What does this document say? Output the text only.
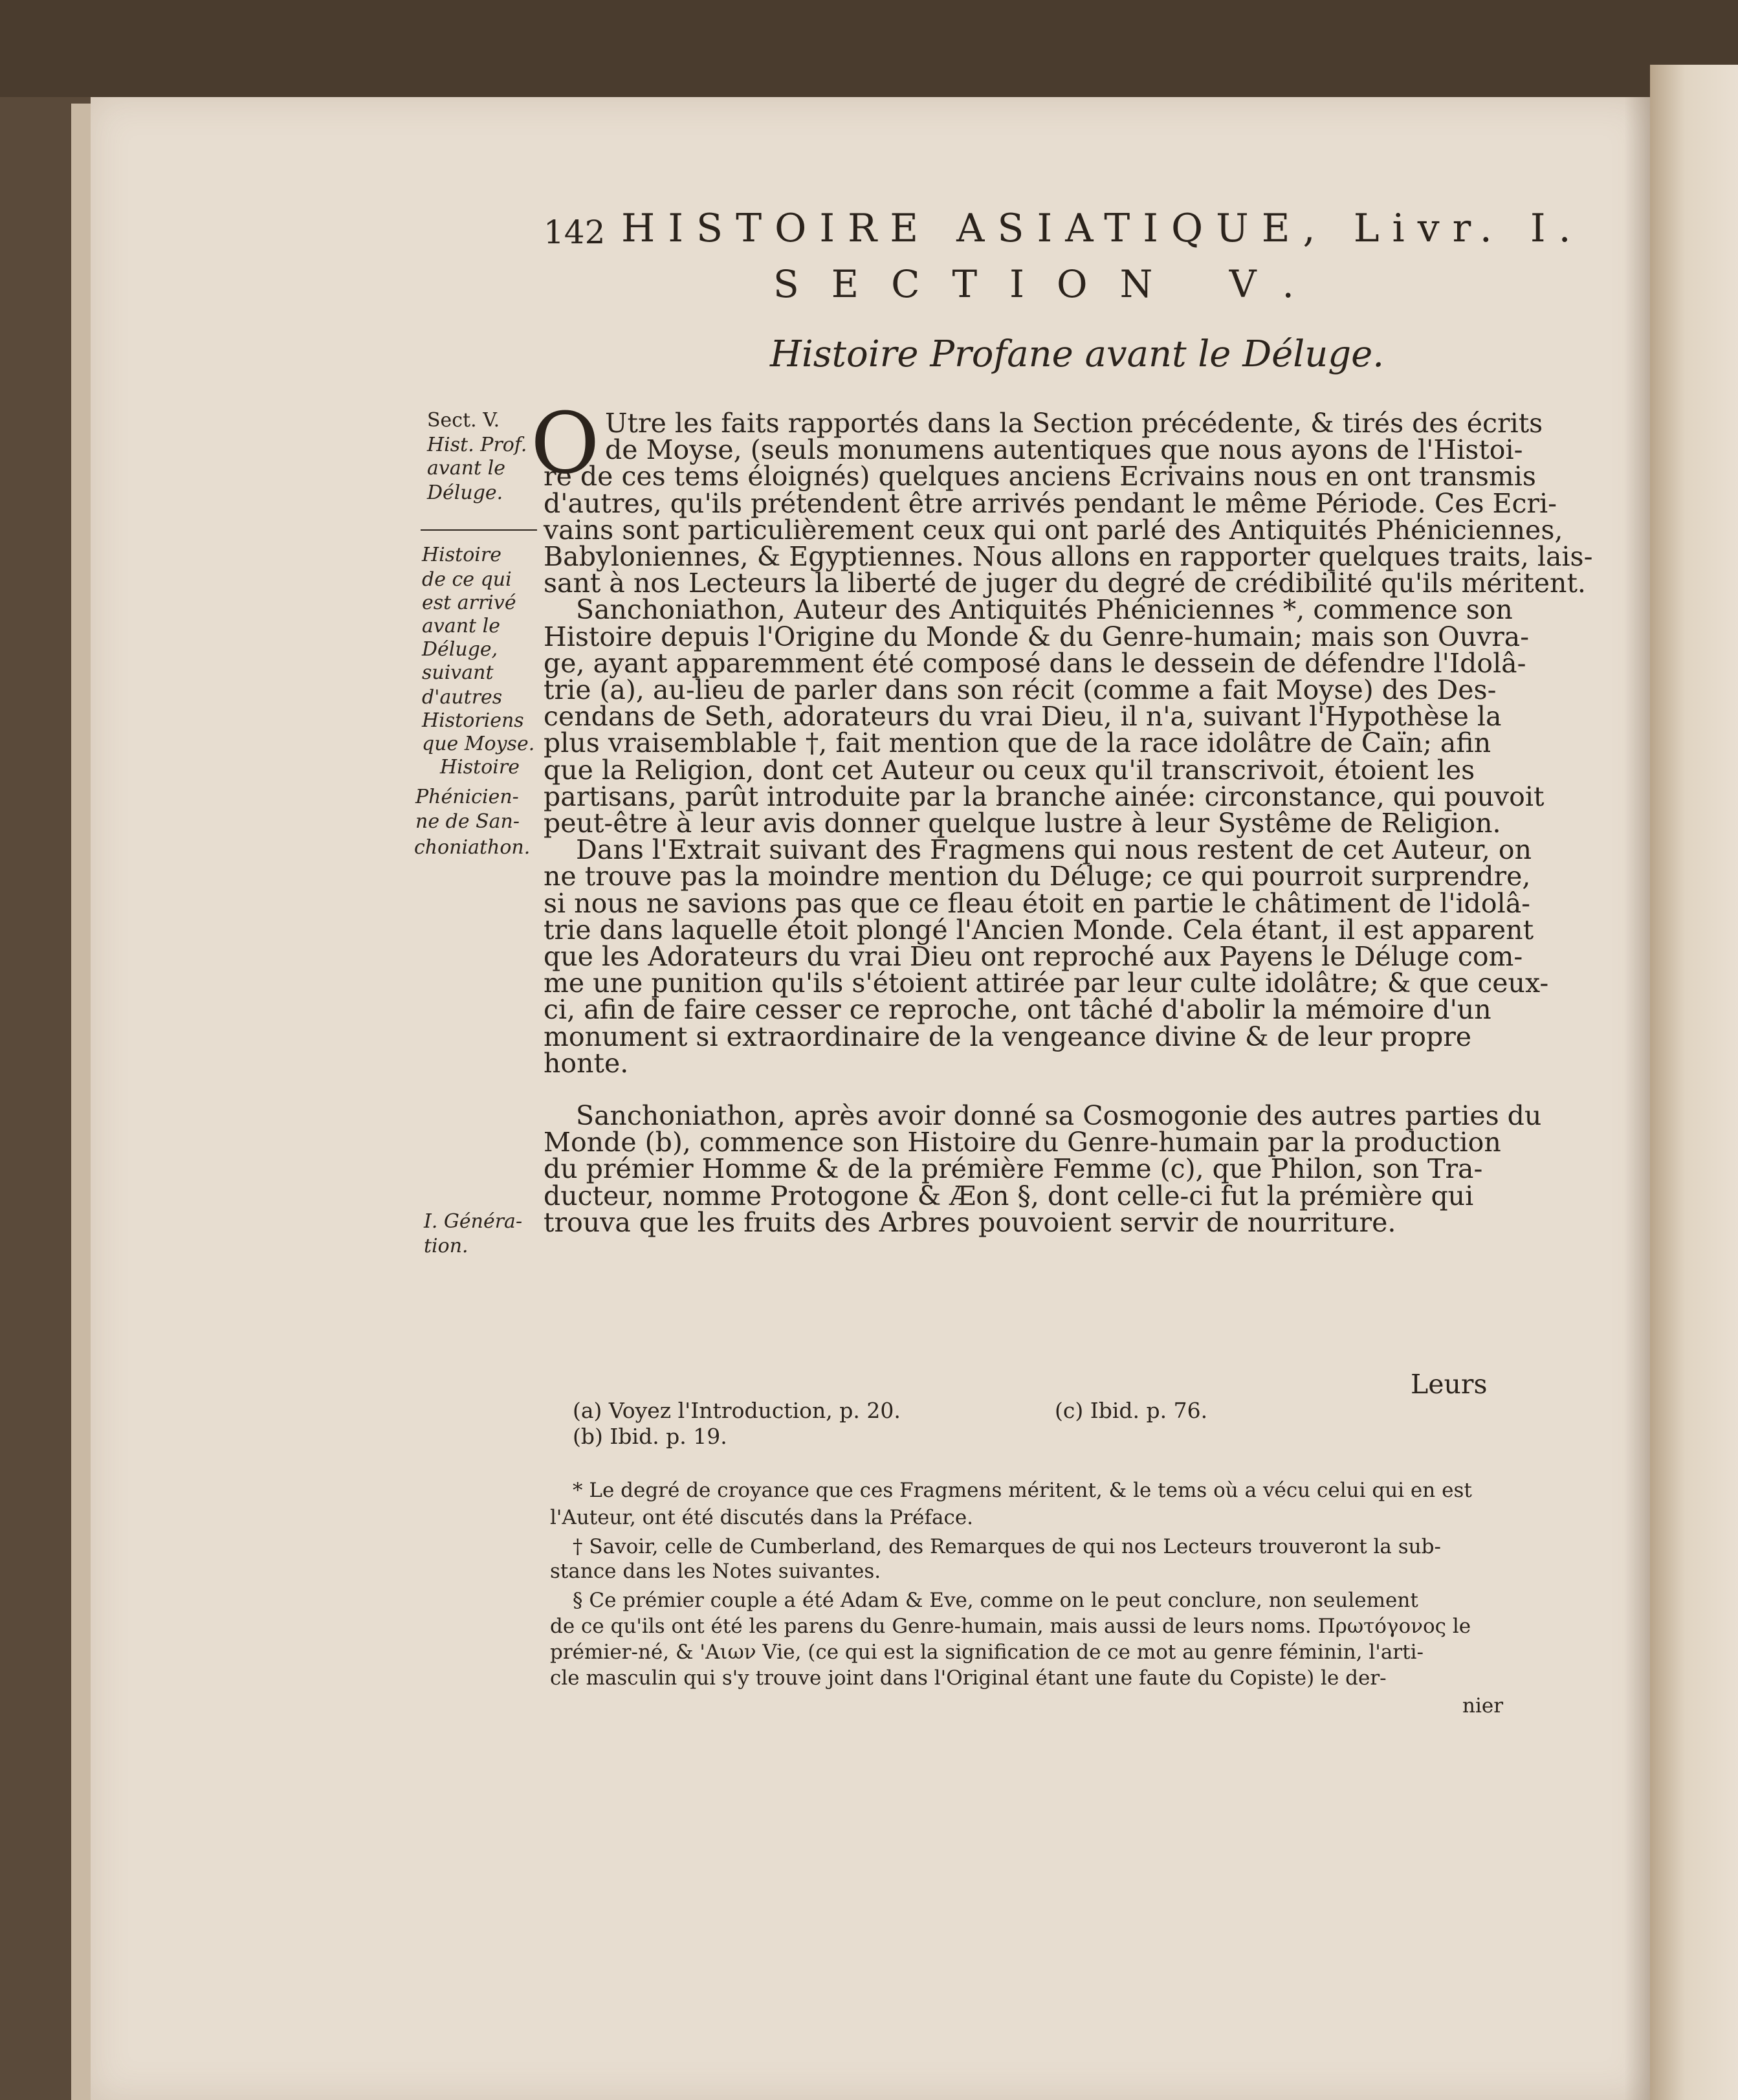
142 HISTOIRE ASIATIQUE, Livr. I.
SECTION V.
Histoire Profane avant le Déluge.
Sect. V.
Hist. Prof.
avant le
Déluge.
Histoire
de ce qui
est arrivé
avant le
Déluge,
suivant
d'autres
Historiens
que Moyse.
Histoire
Phénicien-
ne de San-
choniathon.
I. Généra-
tion.
O Utre les faits rapportés dans la Section précédente, & tirés des écrits
de Moyse, (seuls monumens autentiques que nous ayons de l'Histoi-
re de ces tems éloignés) quelques anciens Ecrivains nous en ont transmis
d'autres, qu'ils prétendent être arrivés pendant le même Période. Ces Ecri-
vains sont particulièrement ceux qui ont parlé des Antiquités Phéniciennes,
Babyloniennes, & Egyptiennes. Nous allons en rapporter quelques traits, lais-
sant à nos Lecteurs la liberté de juger du degré de crédibilité qu'ils méritent.
Sanchoniathon, Auteur des Antiquités Phéniciennes *, commence son
Histoire depuis l'Origine du Monde & du Genre-humain; mais son Ouvra-
ge, ayant apparemment été composé dans le dessein de défendre l'Idolâ-
trie (a), au-lieu de parler dans son récit (comme a fait Moyse) des Des-
cendans de Seth, adorateurs du vrai Dieu, il n'a, suivant l'Hypothèse la
plus vraisemblable †, fait mention que de la race idolâtre de Caïn; afin
que la Religion, dont cet Auteur ou ceux qu'il transcrivoit, étoient les
partisans, parût introduite par la branche ainée: circonstance, qui pouvoit
peut-être à leur avis donner quelque lustre à leur Systême de Religion.
Dans l'Extrait suivant des Fragmens qui nous restent de cet Auteur, on
ne trouve pas la moindre mention du Déluge; ce qui pourroit surprendre,
si nous ne savions pas que ce fleau étoit en partie le châtiment de l'idolâ-
trie dans laquelle étoit plongé l'Ancien Monde. Cela étant, il est apparent
que les Adorateurs du vrai Dieu ont reproché aux Payens le Déluge com-
me une punition qu'ils s'étoient attirée par leur culte idolâtre; & que ceux-
ci, afin de faire cesser ce reproche, ont tâché d'abolir la mémoire d'un
monument si extraordinaire de la vengeance divine & de leur propre
honte.
Sanchoniathon, après avoir donné sa Cosmogonie des autres parties du
Monde (b), commence son Histoire du Genre-humain par la production
du prémier Homme & de la prémière Femme (c), que Philon, son Tra-
ducteur, nomme Protogone & Æon §, dont celle-ci fut la prémière qui
trouva que les fruits des Arbres pouvoient servir de nourriture.
Leurs
(a) Voyez l'Introduction, p. 20.
(b) Ibid. p. 19.
(c) Ibid. p. 76.
* Le degré de croyance que ces Fragmens méritent, & le tems où a vécu celui qui en est
l'Auteur, ont été discutés dans la Préface.
† Savoir, celle de Cumberland, des Remarques de qui nos Lecteurs trouveront la sub-
stance dans les Notes suivantes.
§ Ce prémier couple a été Adam & Eve, comme on le peut conclure, non seulement
de ce qu'ils ont été les parens du Genre-humain, mais aussi de leurs noms. Πρωτόγονος le
prémier-né, & 'Αιων Vie, (ce qui est la signification de ce mot au genre féminin, l'arti-
cle masculin qui s'y trouve joint dans l'Original étant une faute du Copiste) le der-
nier
